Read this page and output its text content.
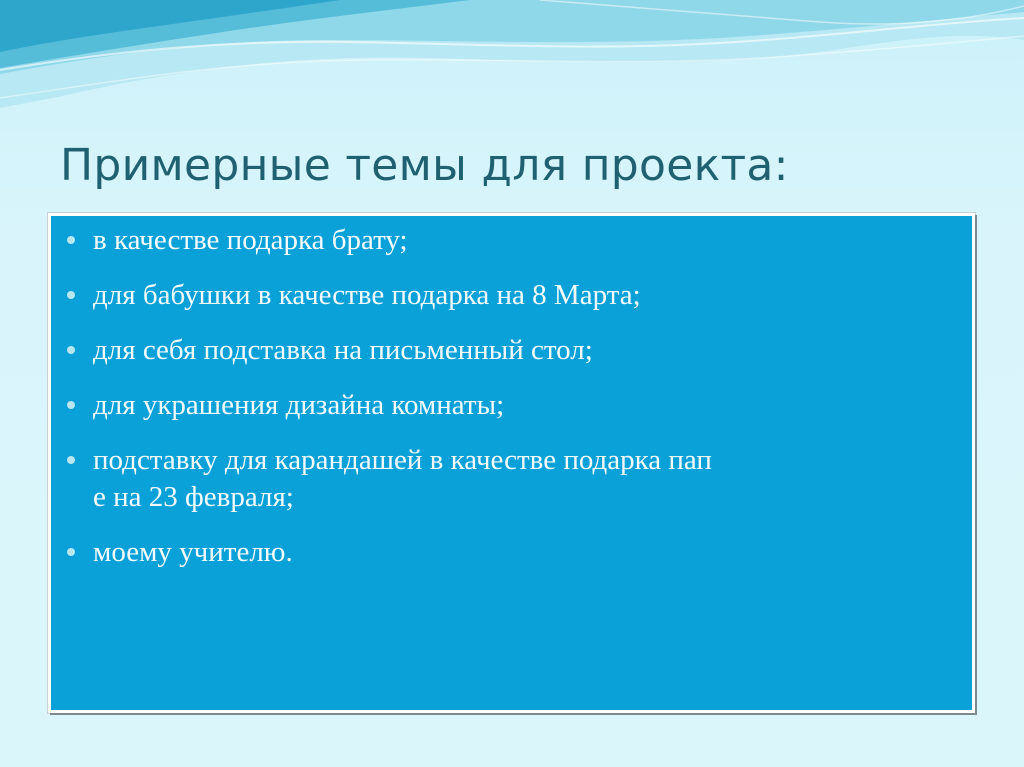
Примерные темы для проекта:
в качестве подарка брату;
для бабушки в качестве подарка на 8 Марта;
для себя подставка на письменный стол;
для украшения дизайна комнаты;
подставку для карандашей в качестве подарка пап
е на 23 февраля;
моему учителю.
